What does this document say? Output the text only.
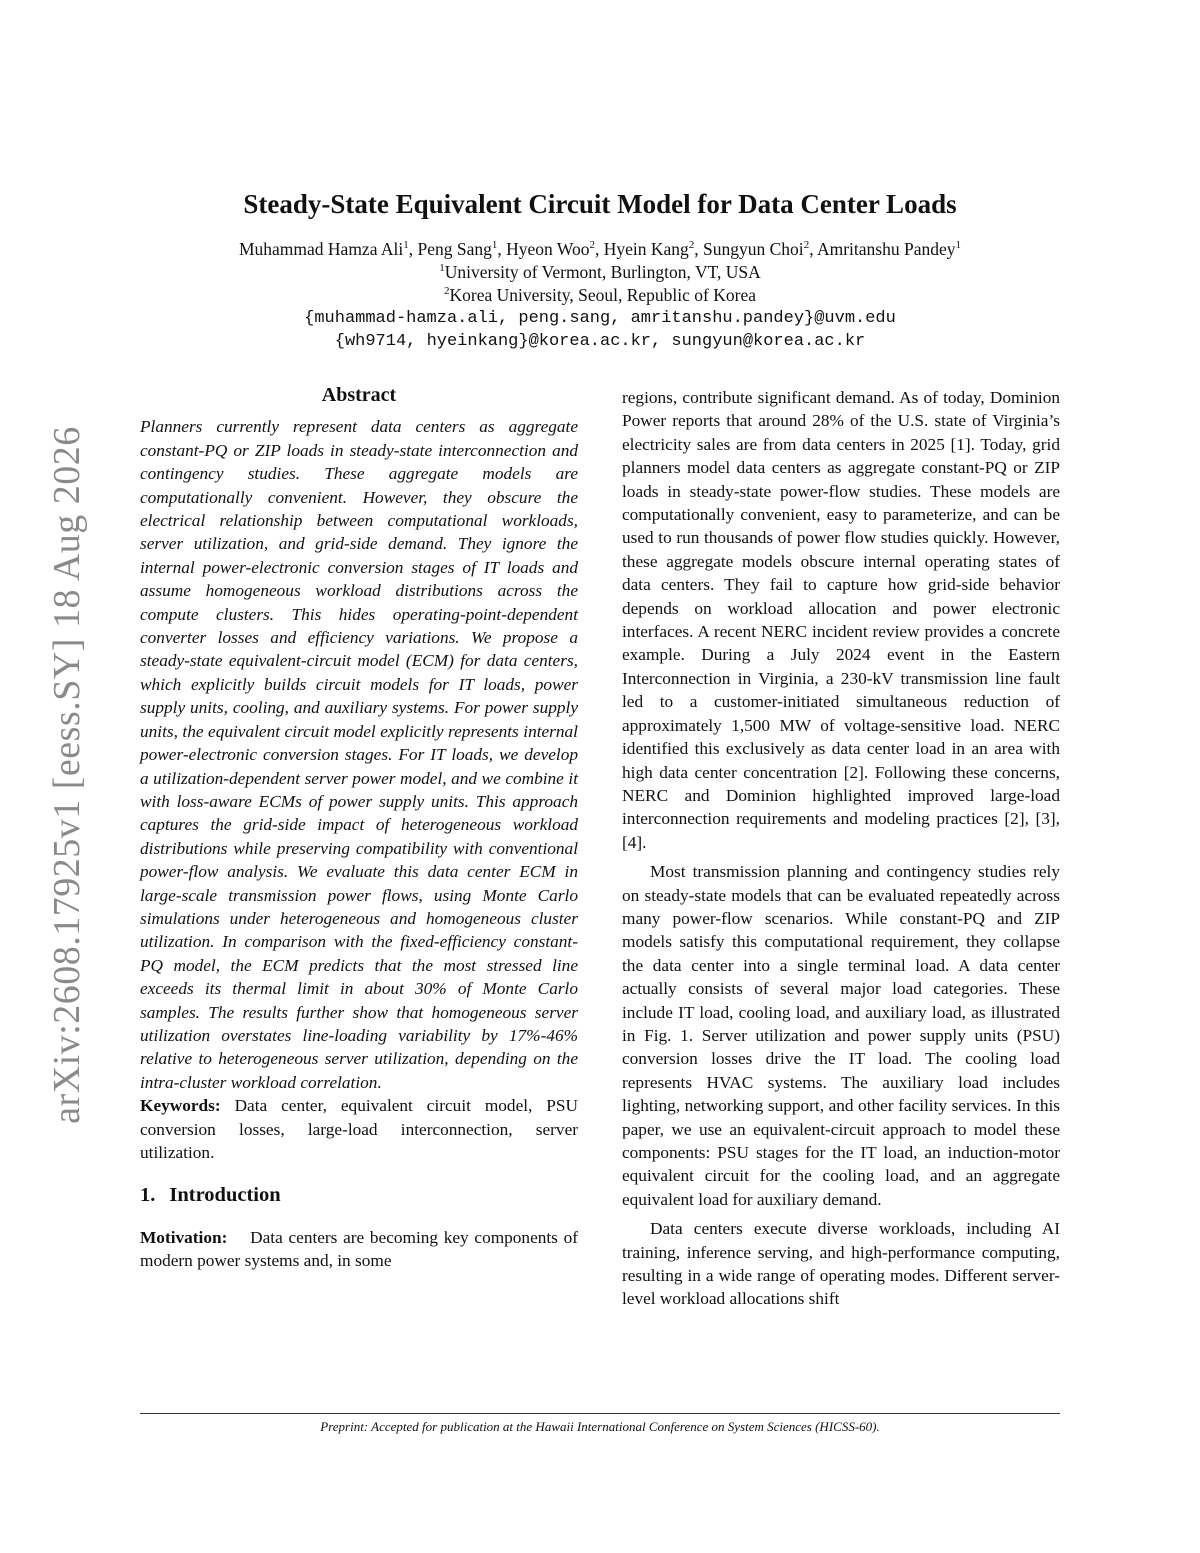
arXiv:2608.17925v1 [eess.SY] 18 Aug 2026
Steady-State Equivalent Circuit Model for Data Center Loads
Muhammad Hamza Ali$^1$, Peng Sang$^1$, Hyeon Woo$^2$, Hyein Kang$^2$, Sungyun Choi$^2$, Amritanshu Pandey$^1$
$^1$University of Vermont, Burlington, VT, USA
$^2$Korea University, Seoul, Republic of Korea
{muhammad-hamza.ali, peng.sang, amritanshu.pandey}@uvm.edu
{wh9714, hyeinkang}@korea.ac.kr, sungyun@korea.ac.kr
Abstract

Planners currently represent data centers as aggregate constant-PQ or ZIP loads in steady-state interconnection and contingency studies. These aggregate models are computationally convenient. However, they obscure the electrical relationship between computational workloads, server utilization, and grid-side demand. They ignore the internal power-electronic conversion stages of IT loads and assume homogeneous workload distributions across the compute clusters. This hides operating-point-dependent converter losses and efficiency variations. We propose a steady-state equivalent-circuit model (ECM) for data centers, which explicitly builds circuit models for IT loads, power supply units, cooling, and auxiliary systems. For power supply units, the equivalent circuit model explicitly represents internal power-electronic conversion stages. For IT loads, we develop a utilization-dependent server power model, and we combine it with loss-aware ECMs of power supply units. This approach captures the grid-side impact of heterogeneous workload distributions while preserving compatibility with conventional power-flow analysis. We evaluate this data center ECM in large-scale transmission power flows, using Monte Carlo simulations under heterogeneous and homogeneous cluster utilization. In comparison with the fixed-efficiency constant-PQ model, the ECM predicts that the most stressed line exceeds its thermal limit in about 30% of Monte Carlo samples. The results further show that homogeneous server utilization overstates line-loading variability by 17%-46% relative to heterogeneous server utilization, depending on the intra-cluster workload correlation.

Keywords: Data center, equivalent circuit model, PSU conversion losses, large-load interconnection, server utilization.

1. Introduction

Motivation: Data centers are becoming key components of modern power systems and, in some

regions, contribute significant demand. As of today, Dominion Power reports that around 28% of the U.S. state of Virginia’s electricity sales are from data centers in 2025 [1]. Today, grid planners model data centers as aggregate constant-PQ or ZIP loads in steady-state power-flow studies. These models are computationally convenient, easy to parameterize, and can be used to run thousands of power flow studies quickly. However, these aggregate models obscure internal operating states of data centers. They fail to capture how grid-side behavior depends on workload allocation and power electronic interfaces. A recent NERC incident review provides a concrete example. During a July 2024 event in the Eastern Interconnection in Virginia, a 230-kV transmission line fault led to a customer-initiated simultaneous reduction of approximately 1,500 MW of voltage-sensitive load. NERC identified this exclusively as data center load in an area with high data center concentration [2]. Following these concerns, NERC and Dominion highlighted improved large-load interconnection requirements and modeling practices [2], [3], [4].

Most transmission planning and contingency studies rely on steady-state models that can be evaluated repeatedly across many power-flow scenarios. While constant-PQ and ZIP models satisfy this computational requirement, they collapse the data center into a single terminal load. A data center actually consists of several major load categories. These include IT load, cooling load, and auxiliary load, as illustrated in Fig. 1. Server utilization and power supply units (PSU) conversion losses drive the IT load. The cooling load represents HVAC systems. The auxiliary load includes lighting, networking support, and other facility services. In this paper, we use an equivalent-circuit approach to model these components: PSU stages for the IT load, an induction-motor equivalent circuit for the cooling load, and an aggregate equivalent load for auxiliary demand.

Data centers execute diverse workloads, including AI training, inference serving, and high-performance computing, resulting in a wide range of operating modes. Different server-level workload allocations shift

Preprint: Accepted for publication at the Hawaii International Conference on System Sciences (HICSS-60).
